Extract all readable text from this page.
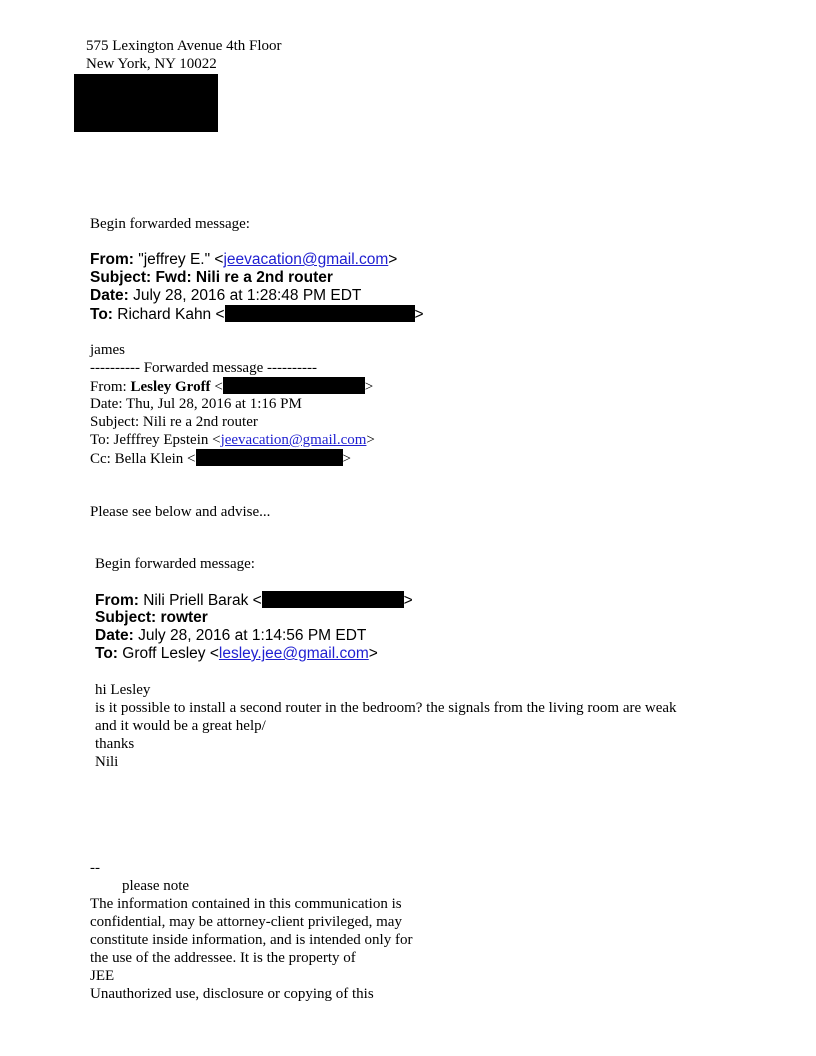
575 Lexington Avenue 4th Floor
New York, NY 10022
Begin forwarded message:
From: "jeffrey E." <jeevacation@gmail.com>
Subject: Fwd: Nili re a 2nd router
Date: July 28, 2016 at 1:28:48 PM EDT
To: Richard Kahn <	>
james
---------- Forwarded message ----------
From: Lesley Groff <	>
Date: Thu, Jul 28, 2016 at 1:16 PM
Subject: Nili re a 2nd router
To: Jefffrey Epstein <jeevacation@gmail.com>
Cc: Bella Klein <	>
Please see below and advise...
Begin forwarded message:
From: Nili Priell Barak <	>
Subject: rowter
Date: July 28, 2016 at 1:14:56 PM EDT
To: Groff Lesley <lesley.jee@gmail.com>
hi Lesley
is it possible to install a second router in the bedroom? the signals from the living room are weak
and it would be a great help/
thanks
Nili
--
please note
The information contained in this communication is
confidential, may be attorney-client privileged, may
constitute inside information, and is intended only for
the use of the addressee. It is the property of
JEE
Unauthorized use, disclosure or copying of this
